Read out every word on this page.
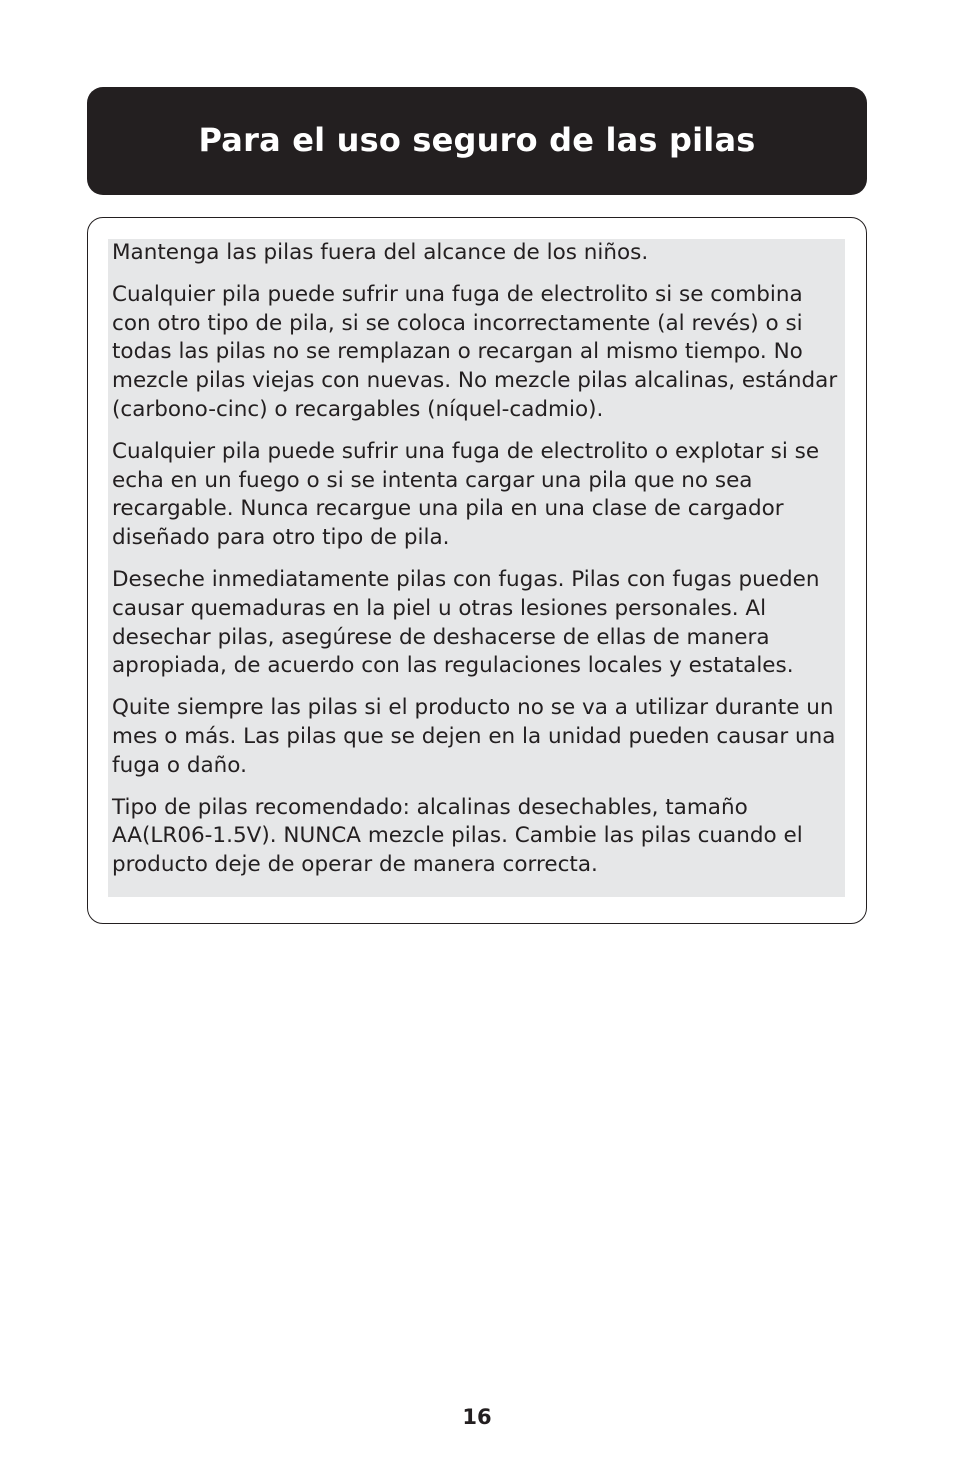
Para el uso seguro de las pilas

Mantenga las pilas fuera del alcance de los niños.

Cualquier pila puede sufrir una fuga de electrolito si se combina con otro tipo de pila, si se coloca incorrectamente (al revés) o si todas las pilas no se remplazan o recargan al mismo tiempo. No mezcle pilas viejas con nuevas. No mezcle pilas alcalinas, estándar (carbono-cinc) o recargables (níquel-cadmio).

Cualquier pila puede sufrir una fuga de electrolito o explotar si se echa en un fuego o si se intenta cargar una pila que no sea recargable. Nunca recargue una pila en una clase de cargador diseñado para otro tipo de pila.

Deseche inmediatamente pilas con fugas. Pilas con fugas pueden causar quemaduras en la piel u otras lesiones personales. Al desechar pilas, asegúrese de deshacerse de ellas de manera apropiada, de acuerdo con las regulaciones locales y estatales.

Quite siempre las pilas si el producto no se va a utilizar durante un mes o más. Las pilas que se dejen en la unidad pueden causar una fuga o daño.

Tipo de pilas recomendado: alcalinas desechables, tamaño AA(LR06-1.5V). NUNCA mezcle pilas. Cambie las pilas cuando el producto deje de operar de manera correcta.

16
